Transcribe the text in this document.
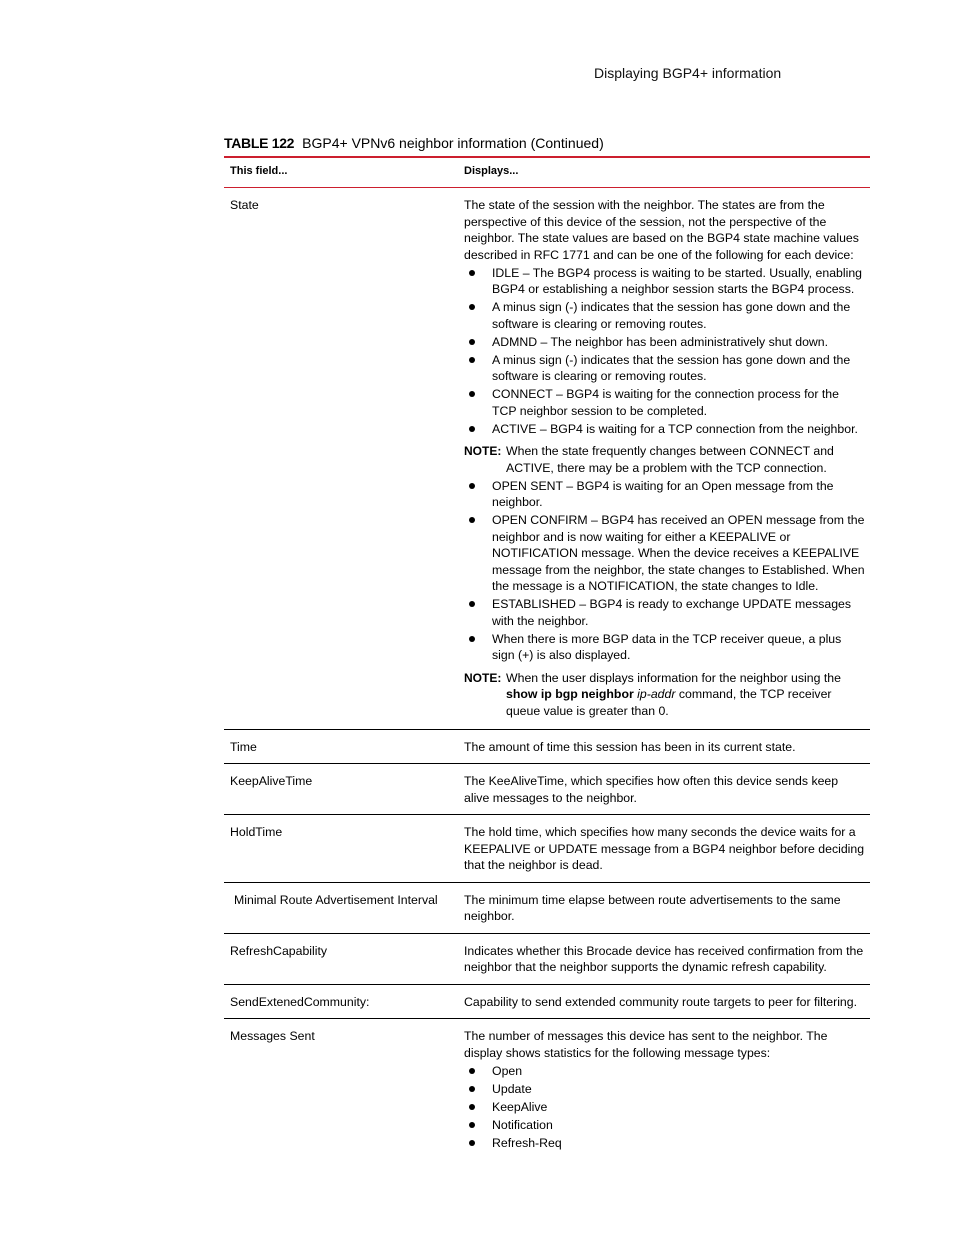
Displaying BGP4+ information
TABLE 122 BGP4+ VPNv6 neighbor information (Continued)
This field...	Displays...
State	The state of the session with the neighbor. The states are from the perspective of this device of the session, not the perspective of the neighbor. The state values are based on the BGP4 state machine values described in RFC 1771 and can be one of the following for each device:
IDLE – The BGP4 process is waiting to be started. Usually, enabling BGP4 or establishing a neighbor session starts the BGP4 process.
A minus sign (-) indicates that the session has gone down and the software is clearing or removing routes.
ADMND – The neighbor has been administratively shut down.
A minus sign (-) indicates that the session has gone down and the software is clearing or removing routes.
CONNECT – BGP4 is waiting for the connection process for the TCP neighbor session to be completed.
ACTIVE – BGP4 is waiting for a TCP connection from the neighbor.
NOTE: When the state frequently changes between CONNECT and ACTIVE, there may be a problem with the TCP connection.
OPEN SENT – BGP4 is waiting for an Open message from the neighbor.
OPEN CONFIRM – BGP4 has received an OPEN message from the neighbor and is now waiting for either a KEEPALIVE or NOTIFICATION message. When the device receives a KEEPALIVE message from the neighbor, the state changes to Established. When the message is a NOTIFICATION, the state changes to Idle.
ESTABLISHED – BGP4 is ready to exchange UPDATE messages with the neighbor.
When there is more BGP data in the TCP receiver queue, a plus sign (+) is also displayed.
NOTE: When the user displays information for the neighbor using the show ip bgp neighbor ip-addr command, the TCP receiver queue value is greater than 0.
Time	The amount of time this session has been in its current state.
KeepAliveTime	The KeeAliveTime, which specifies how often this device sends keep alive messages to the neighbor.
HoldTime	The hold time, which specifies how many seconds the device waits for a KEEPALIVE or UPDATE message from a BGP4 neighbor before deciding that the neighbor is dead.
Minimal Route Advertisement Interval	The minimum time elapse between route advertisements to the same neighbor.
RefreshCapability	Indicates whether this Brocade device has received confirmation from the neighbor that the neighbor supports the dynamic refresh capability.
SendExtenedCommunity:	Capability to send extended community route targets to peer for filtering.
Messages Sent	The number of messages this device has sent to the neighbor. The display shows statistics for the following message types:
Open
Update
KeepAlive
Notification
Refresh-Req
